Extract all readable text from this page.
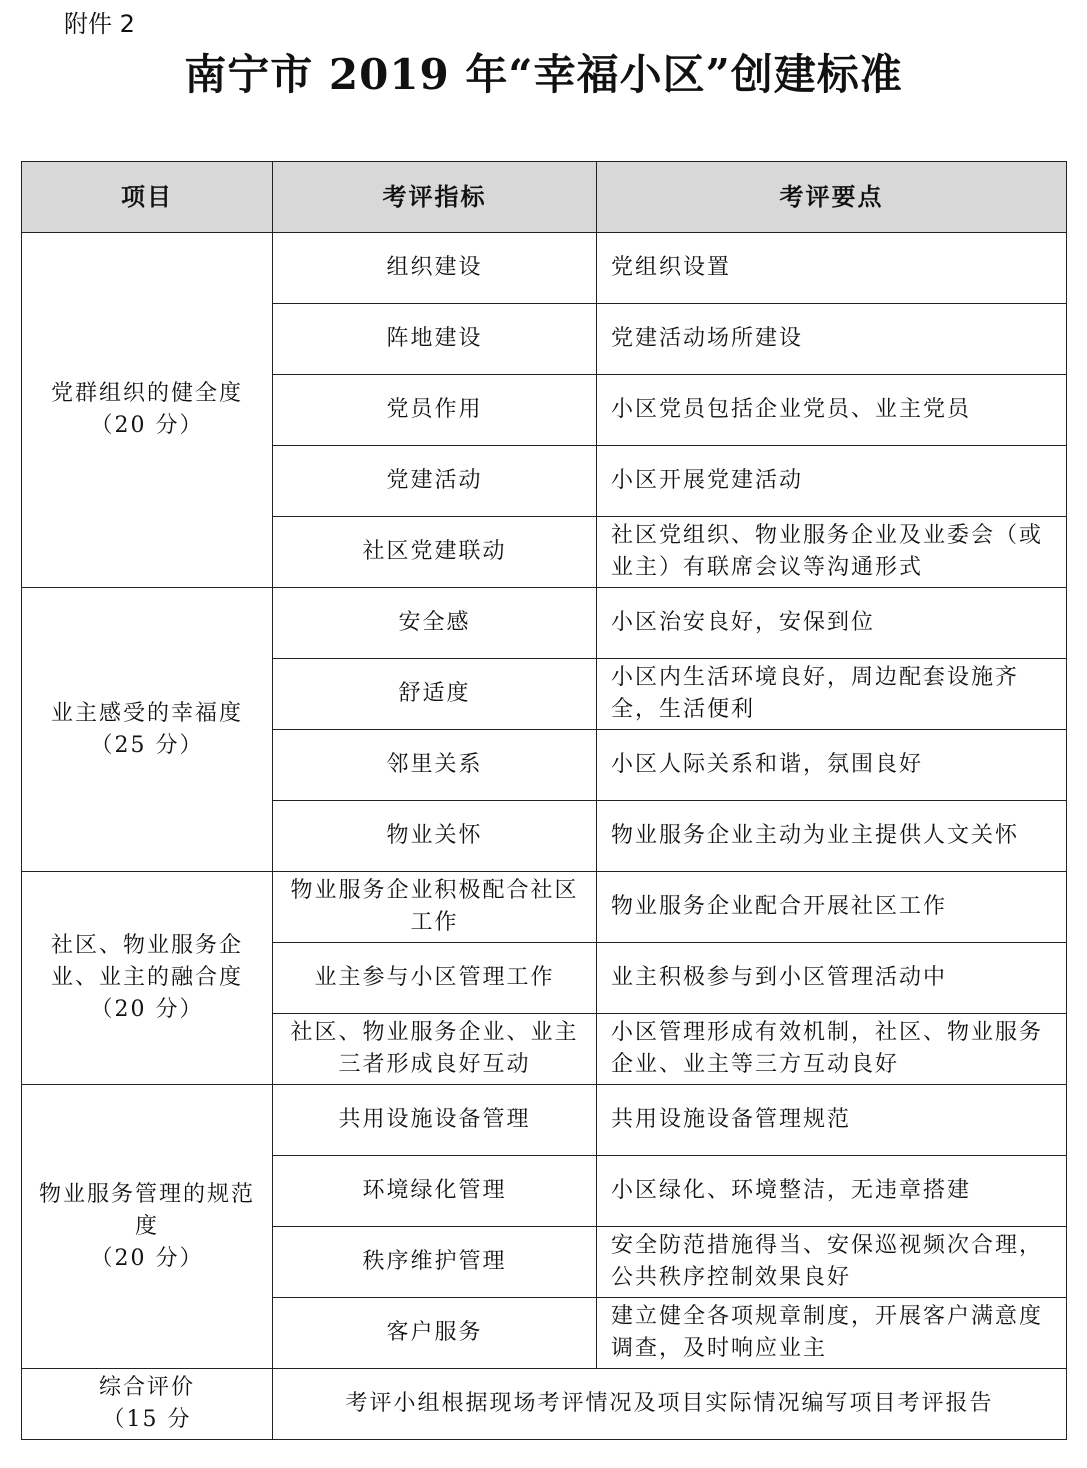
附件 2
南宁市 2019 年“幸福小区”创建标准
项目	考评指标	考评要点

党群组织的健全度
（20 分）	组织建设	党组织设置
	阵地建设	党建活动场所建设
	党员作用	小区党员包括企业党员、业主党员
	党建活动	小区开展党建活动
	社区党建联动	社区党组织、物业服务企业及业委会（或业主）有联席会议等沟通形式

业主感受的幸福度
（25 分）	安全感	小区治安良好，安保到位
	舒适度	小区内生活环境良好，周边配套设施齐全，生活便利
	邻里关系	小区人际关系和谐，氛围良好
	物业关怀	物业服务企业主动为业主提供人文关怀

社区、物业服务企业、业主的融合度
（20 分）	物业服务企业积极配合社区工作	物业服务企业配合开展社区工作
	业主参与小区管理工作	业主积极参与到小区管理活动中
	社区、物业服务企业、业主三者形成良好互动	小区管理形成有效机制，社区、物业服务企业、业主等三方互动良好

物业服务管理的规范度
（20 分）	共用设施设备管理	共用设施设备管理规范
	环境绿化管理	小区绿化、环境整洁，无违章搭建
	秩序维护管理	安全防范措施得当、安保巡视频次合理，公共秩序控制效果良好
	客户服务	建立健全各项规章制度，开展客户满意度调查，及时响应业主

综合评价
（15 分	考评小组根据现场考评情况及项目实际情况编写项目考评报告	
